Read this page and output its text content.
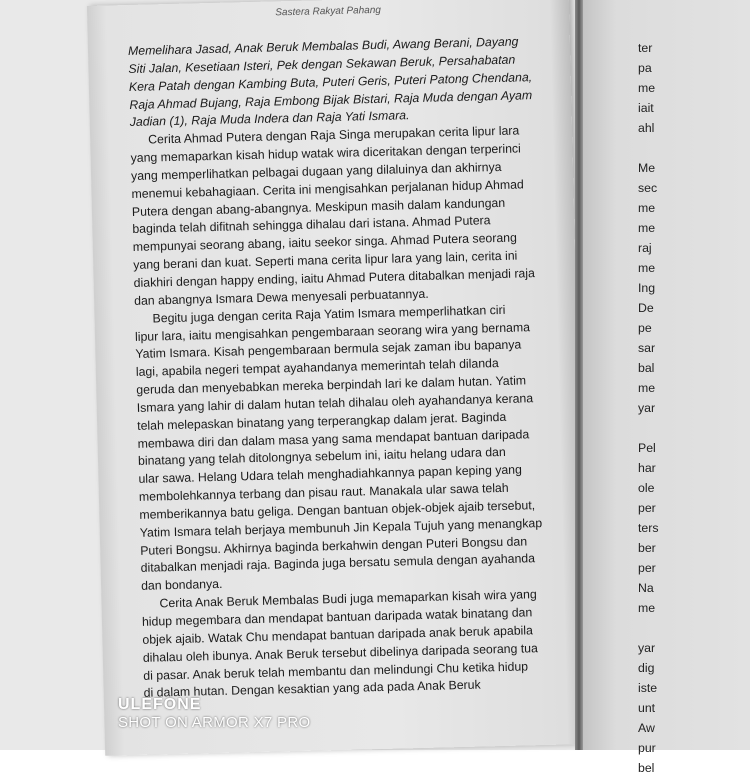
Sastera Rakyat Pahang
Memelihara Jasad, Anak Beruk Membalas Budi, Awang Berani, Dayang
Siti Jalan, Kesetiaan Isteri, Pek dengan Sekawan Beruk, Persahabatan
Kera Patah dengan Kambing Buta, Puteri Geris, Puteri Patong Chendana,
Raja Ahmad Bujang, Raja Embong Bijak Bistari, Raja Muda dengan Ayam
Jadian (1), Raja Muda Indera dan Raja Yati Ismara.
Cerita Ahmad Putera dengan Raja Singa merupakan cerita lipur lara
yang memaparkan kisah hidup watak wira diceritakan dengan terperinci
yang memperlihatkan pelbagai dugaan yang dilaluinya dan akhirnya
menemui kebahagiaan. Cerita ini mengisahkan perjalanan hidup Ahmad
Putera dengan abang-abangnya. Meskipun masih dalam kandungan
baginda telah difitnah sehingga dihalau dari istana. Ahmad Putera
mempunyai seorang abang, iaitu seekor singa. Ahmad Putera seorang
yang berani dan kuat. Seperti mana cerita lipur lara yang lain, cerita ini
diakhiri dengan happy ending, iaitu Ahmad Putera ditabalkan menjadi raja
dan abangnya Ismara Dewa menyesali perbuatannya.
Begitu juga dengan cerita Raja Yatim Ismara memperlihatkan ciri
lipur lara, iaitu mengisahkan pengembaraan seorang wira yang bernama
Yatim Ismara. Kisah pengembaraan bermula sejak zaman ibu bapanya
lagi, apabila negeri tempat ayahandanya memerintah telah dilanda
geruda dan menyebabkan mereka berpindah lari ke dalam hutan. Yatim
Ismara yang lahir di dalam hutan telah dihalau oleh ayahandanya kerana
telah melepaskan binatang yang terperangkap dalam jerat. Baginda
membawa diri dan dalam masa yang sama mendapat bantuan daripada
binatang yang telah ditolongnya sebelum ini, iaitu helang udara dan
ular sawa. Helang Udara telah menghadiahkannya papan keping yang
membolehkannya terbang dan pisau raut. Manakala ular sawa telah
memberikannya batu geliga. Dengan bantuan objek-objek ajaib tersebut,
Yatim Ismara telah berjaya membunuh Jin Kepala Tujuh yang menangkap
Puteri Bongsu. Akhirnya baginda berkahwin dengan Puteri Bongsu dan
ditabalkan menjadi raja. Baginda juga bersatu semula dengan ayahanda
dan bondanya.
Cerita Anak Beruk Membalas Budi juga memaparkan kisah wira yang
hidup megembara dan mendapat bantuan daripada watak binatang dan
objek ajaib. Watak Chu mendapat bantuan daripada anak beruk apabila
dihalau oleh ibunya. Anak Beruk tersebut dibelinya daripada seorang tua
di pasar. Anak beruk telah membantu dan melindungi Chu ketika hidup
di dalam hutan. Dengan kesaktian yang ada pada Anak Beruk
ter
pa
me
iait
ahl
Me
sec
me
me
raj
me
Ing
De
pe
sar
bal
me
yar
Pel
har
ole
per
ters
ber
per
Na
me
yar
dig
iste
unt
Aw
pur
bel
ULEFONE
SHOT ON ARMOR X7 PRO
